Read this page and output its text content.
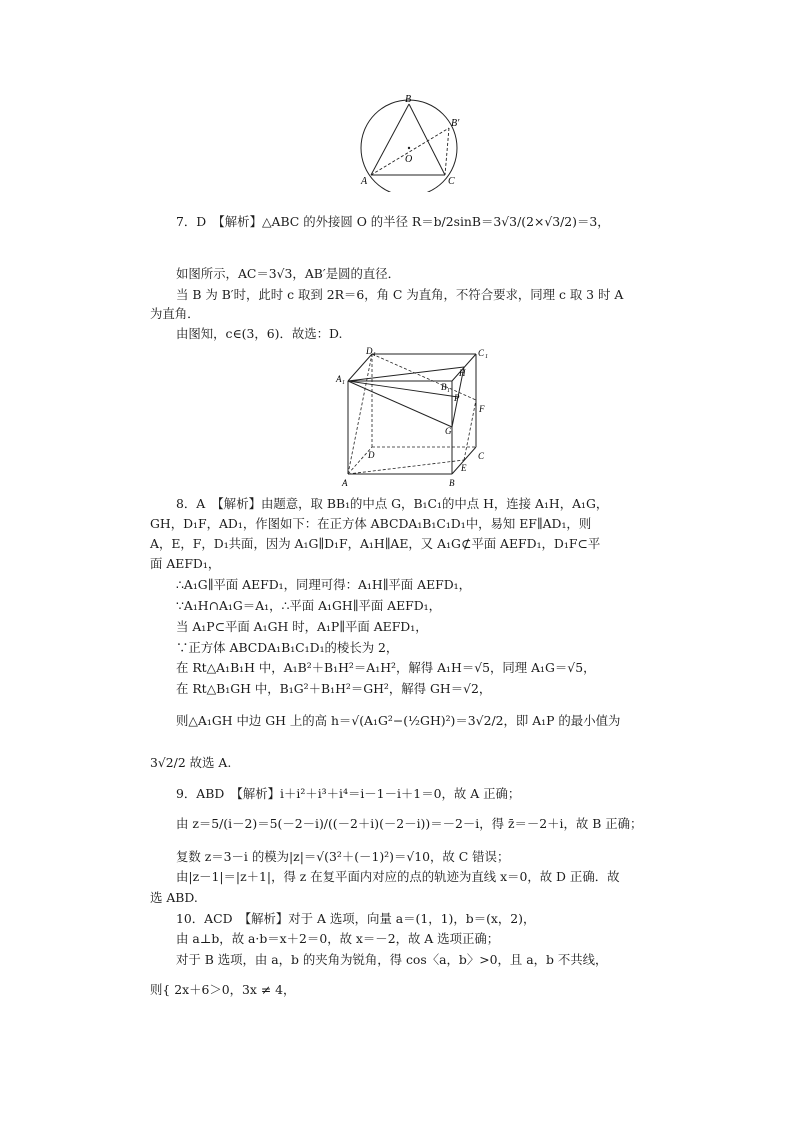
B
B′
O
A	C
7．D　【解析】△ABC 的外接圆 O 的半径 R＝b/2sinB＝3√3/(2×√3/2)＝3，
如图所示，AC＝3√3，AB′是圆的直径．
当 B 为 B′时，此时 c 取到 2R＝6，角 C 为直角，不符合要求，同理 c 取 3 时 A
为直角．
由图知，c∈(3，6)．故选：D.
D 1	C 1
A 1
H
B 1
P
F
G
D	C
E
A	B
8．A　【解析】由题意，取 BB₁的中点 G，B₁C₁的中点 H，连接 A₁H，A₁G，
GH，D₁F，AD₁，作图如下：在正方体 ABCDA₁B₁C₁D₁中，易知 EF∥AD₁，则
A，E，F，D₁共面，因为 A₁G∥D₁F，A₁H∥AE，又 A₁G⊄平面 AEFD₁，D₁F⊂平
面 AEFD₁，
∴A₁G∥平面 AEFD₁，同理可得：A₁H∥平面 AEFD₁，
∵A₁H∩A₁G＝A₁，∴平面 A₁GH∥平面 AEFD₁，
当 A₁P⊂平面 A₁GH 时，A₁P∥平面 AEFD₁，
∵正方体 ABCDA₁B₁C₁D₁的棱长为 2，
在 Rt△A₁B₁H 中，A₁B²＋B₁H²＝A₁H²，解得 A₁H＝√5，同理 A₁G＝√5，
在 Rt△B₁GH 中，B₁G²＋B₁H²＝GH²，解得 GH＝√2，
则△A₁GH 中边 GH 上的高 h＝√(A₁G²−(½GH)²)＝3√2/2，即 A₁P 的最小值为
3√2/2 故选 A.
9．ABD　【解析】i＋i²＋i³＋i⁴＝i－1－i＋1＝0，故 A 正确；
由 z＝5/(i－2)＝5(－2－i)/((－2＋i)(－2－i))＝－2－i，得 z̄＝－2＋i，故 B 正确；
复数 z＝3－i 的模为|z|＝√(3²＋(－1)²)＝√10，故 C 错误；
由|z－1|＝|z＋1|，得 z 在复平面内对应的点的轨迹为直线 x＝0，故 D 正确．故
选 ABD.
10．ACD　【解析】对于 A 选项，向量 a＝(1，1)，b＝(x，2)，
由 a⊥b，故 a·b＝x＋2＝0，故 x＝－2，故 A 选项正确；
对于 B 选项，由 a，b 的夹角为锐角，得 cos〈a，b〉>0，且 a，b 不共线，
则{ 2x＋6＞0，3x ≠ 4，
